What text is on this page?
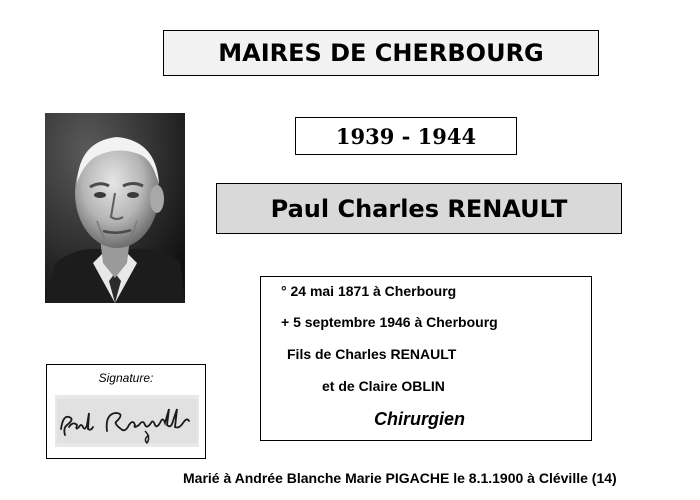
MAIRES DE CHERBOURG
1939 - 1944
Paul Charles RENAULT
° 24 mai 1871 à Cherbourg
+ 5 septembre 1946 à Cherbourg
Fils de Charles RENAULT
et de Claire OBLIN
Chirurgien
Signature:
Marié à Andrée Blanche Marie PIGACHE le 8.1.1900 à Cléville (14)
